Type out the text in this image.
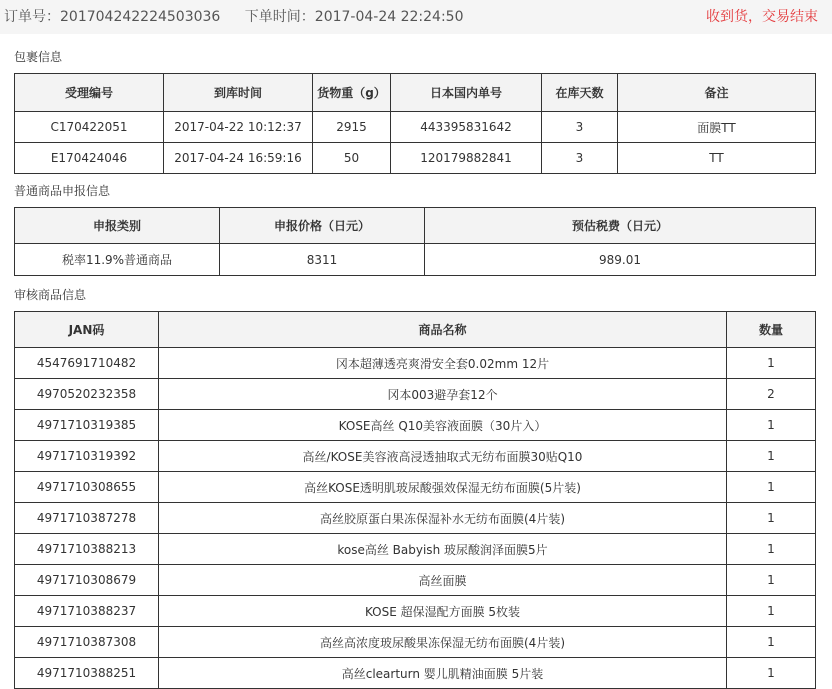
订单号：201704242224503036 下单时间：2017-04-24 22:24:50	收到货，交易结束
包裹信息
受理编号	到库时间	货物重（g）	日本国内单号	在库天数	备注
C170422051	2017-04-22 10:12:37	2915	443395831642	3	面膜TT
E170424046	2017-04-24 16:59:16	50	120179882841	3	TT
普通商品申报信息
申报类别	申报价格（日元）	预估税费（日元）
税率11.9%普通商品	8311	989.01
审核商品信息
JAN码	商品名称	数量
4547691710482	冈本超薄透亮爽滑安全套0.02mm 12片	1
4970520232358	冈本003避孕套12个	2
4971710319385	KOSE高丝 Q10美容液面膜（30片入）	1
4971710319392	高丝/KOSE美容液高浸透抽取式无纺布面膜30贴Q10	1
4971710308655	高丝KOSE透明肌玻尿酸强效保湿无纺布面膜(5片装)	1
4971710387278	高丝胶原蛋白果冻保湿补水无纺布面膜(4片装)	1
4971710388213	kose高丝 Babyish 玻尿酸润泽面膜5片	1
4971710308679	高丝面膜	1
4971710388237	KOSE 超保湿配方面膜 5枚装	1
4971710387308	高丝高浓度玻尿酸果冻保湿无纺布面膜(4片装)	1
4971710388251	高丝clearturn 婴儿肌精油面膜 5片装	1
